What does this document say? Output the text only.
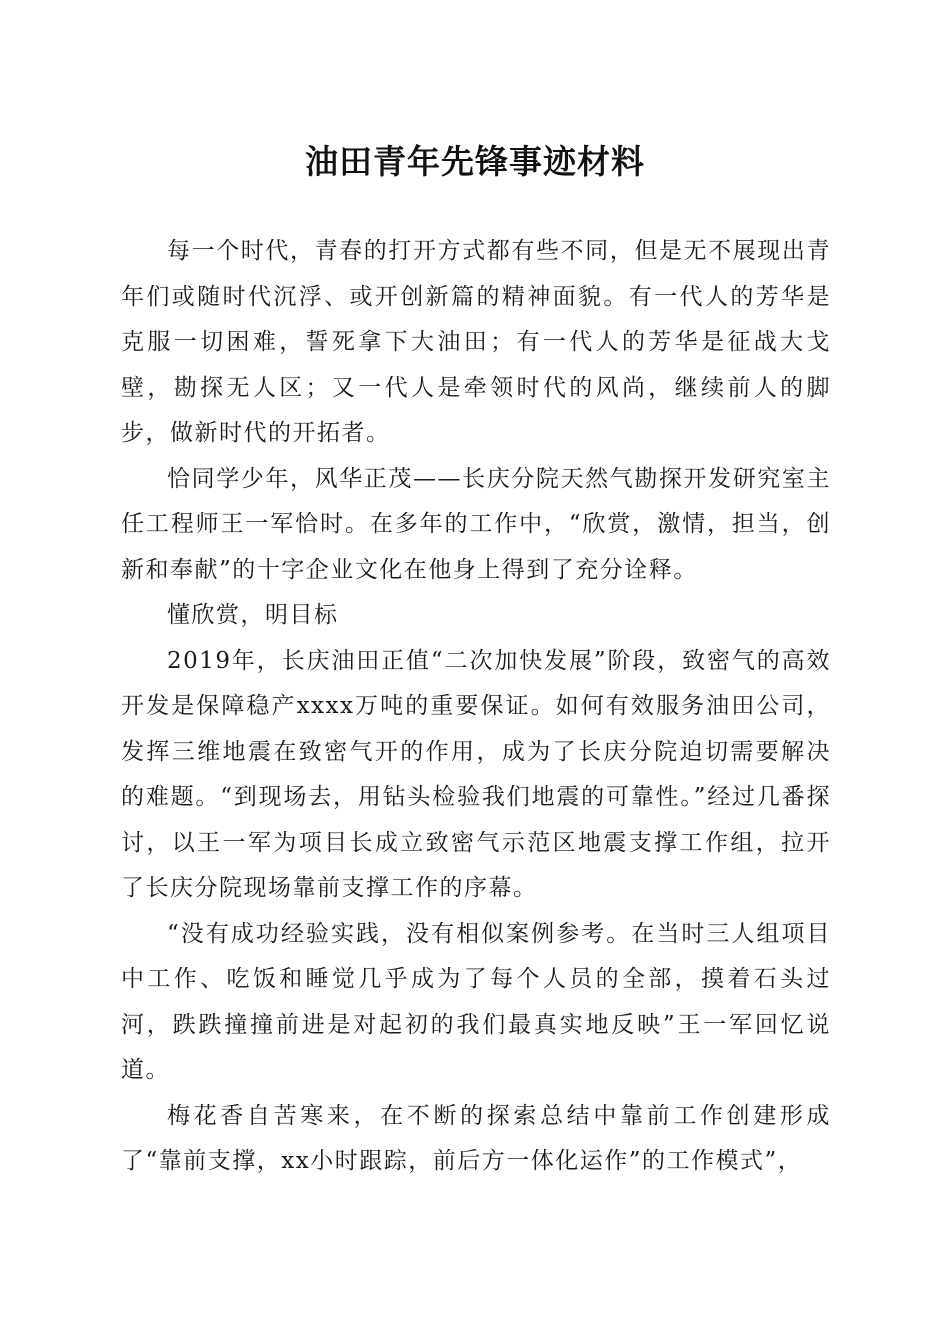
油田青年先锋事迹材料

每一个时代，青春的打开方式都有些不同，但是无不展现出青年们或随时代沉浮、或开创新篇的精神面貌。有一代人的芳华是克服一切困难，誓死拿下大油田；有一代人的芳华是征战大戈壁，勘探无人区；又一代人是牵领时代的风尚，继续前人的脚步，做新时代的开拓者。

恰同学少年，风华正茂——长庆分院天然气勘探开发研究室主任工程师王一军恰时。在多年的工作中，“欣赏，激情，担当，创新和奉献”的十字企业文化在他身上得到了充分诠释。

懂欣赏，明目标

2019年，长庆油田正值“二次加快发展”阶段，致密气的高效开发是保障稳产xxxx万吨的重要保证。如何有效服务油田公司，发挥三维地震在致密气开的作用，成为了长庆分院迫切需要解决的难题。“到现场去，用钻头检验我们地震的可靠性。”经过几番探讨，以王一军为项目长成立致密气示范区地震支撑工作组，拉开了长庆分院现场靠前支撑工作的序幕。

“没有成功经验实践，没有相似案例参考。在当时三人组项目中工作、吃饭和睡觉几乎成为了每个人员的全部，摸着石头过河，跌跌撞撞前进是对起初的我们最真实地反映”王一军回忆说道。

梅花香自苦寒来，在不断的探索总结中靠前工作创建形成了“靠前支撑，xx小时跟踪，前后方一体化运作”的工作模式”，
